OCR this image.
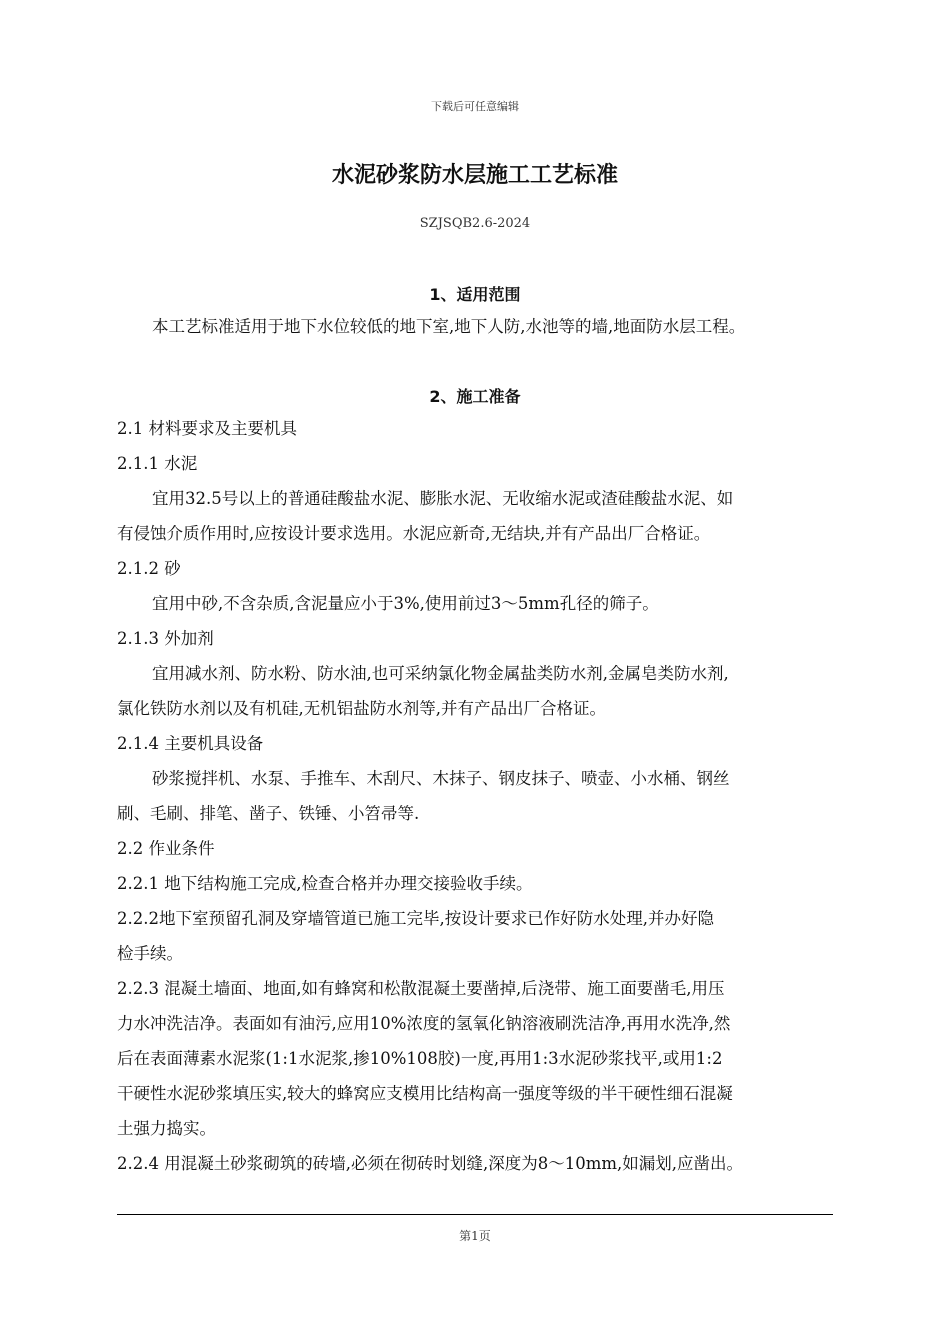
下载后可任意编辑
水泥砂浆防水层施工工艺标准
SZJSQB2.6-2024
1、适用范围
本工艺标准适用于地下水位较低的地下室,地下人防,水池等的墙,地面防水层工程。
2、施工准备
2.1 材料要求及主要机具
2.1.1 水泥
宜用32.5号以上的普通硅酸盐水泥、膨胀水泥、无收缩水泥或渣硅酸盐水泥、如
有侵蚀介质作用时,应按设计要求选用。水泥应新奇,无结块,并有产品出厂合格证。
2.1.2 砂
宜用中砂,不含杂质,含泥量应小于3%,使用前过3～5mm孔径的筛子。
2.1.3 外加剂
宜用减水剂、防水粉、防水油,也可采纳氯化物金属盐类防水剂,金属皂类防水剂,
氯化铁防水剂以及有机硅,无机铝盐防水剂等,并有产品出厂合格证。
2.1.4 主要机具设备
砂浆搅拌机、水泵、手推车、木刮尺、木抹子、钢皮抹子、喷壶、小水桶、钢丝
刷、毛刷、排笔、凿子、铁锤、小笤帚等.
2.2 作业条件
2.2.1 地下结构施工完成,检查合格并办理交接验收手续。
2.2.2地下室预留孔洞及穿墙管道已施工完毕,按设计要求已作好防水处理,并办好隐
检手续。
2.2.3 混凝土墙面、地面,如有蜂窝和松散混凝土要凿掉,后浇带、施工面要凿毛,用压
力水冲洗洁净。表面如有油污,应用10%浓度的氢氧化钠溶液刷洗洁净,再用水洗净,然
后在表面薄素水泥浆(1:1水泥浆,掺10%108胶)一度,再用1:3水泥砂浆找平,或用1:2
干硬性水泥砂浆填压实,较大的蜂窝应支模用比结构高一强度等级的半干硬性细石混凝
土强力捣实。
2.2.4 用混凝土砂浆砌筑的砖墙,必须在彻砖时划缝,深度为8～10mm,如漏划,应凿出。
第1页
